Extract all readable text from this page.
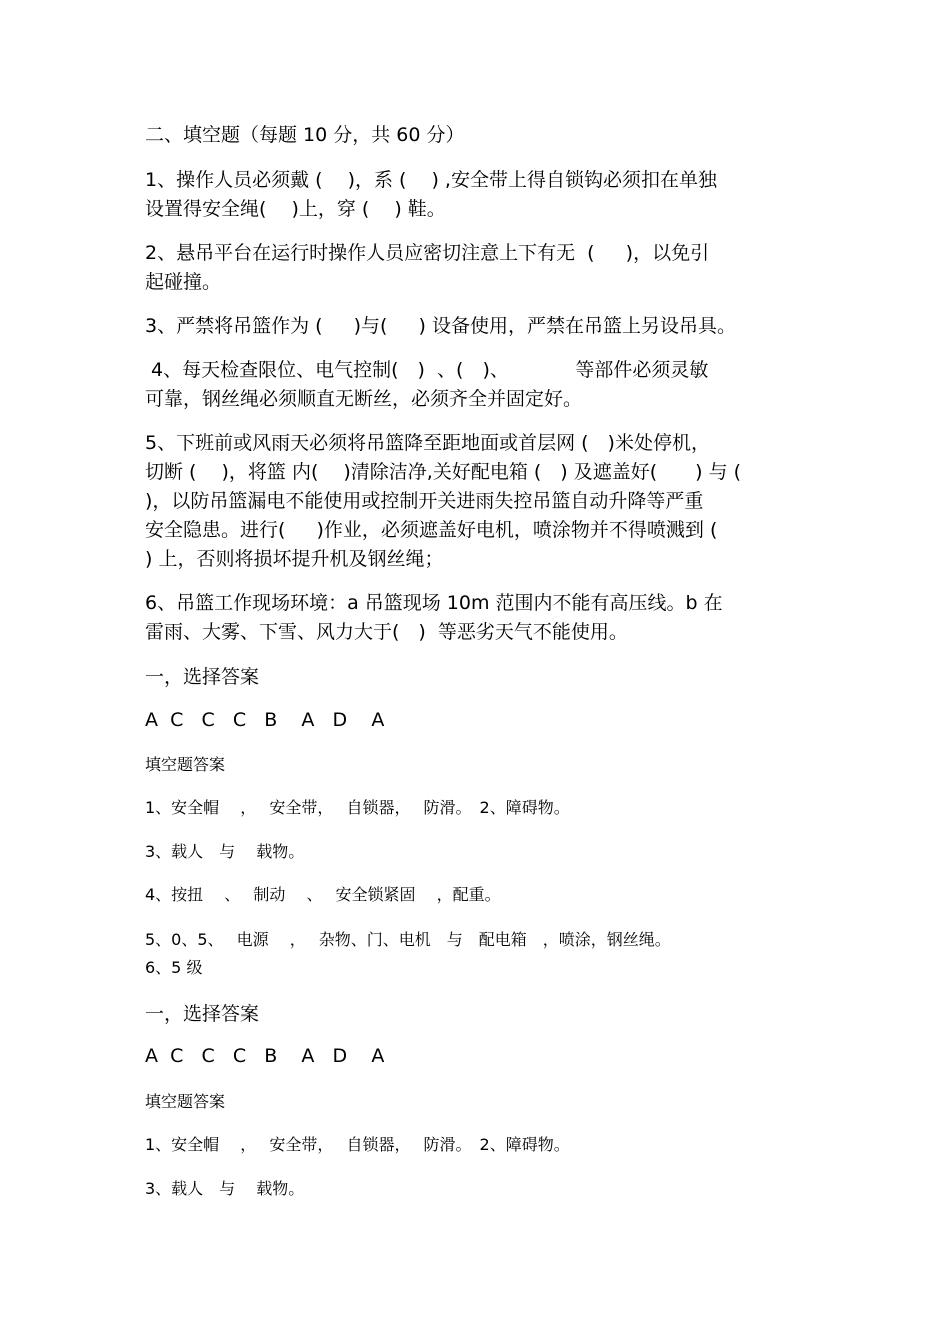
二、填空题（每题 10 分，共 60 分）
1、操作人员必须戴 (　 )，系 (　 ) ,安全带上得自锁钩必须扣在单独
设置得安全绳(　 )上，穿 (　 ) 鞋。
2、悬吊平台在运行时操作人员应密切注意上下有无  (　  )，以免引
起碰撞。
3、严禁将吊篮作为 (　  )与(　  ) 设备使用，严禁在吊篮上另设吊具。
4、每天检查限位、电气控制(　)  、(　)、　　　　等部件必须灵敏
可靠，钢丝绳必须顺直无断丝，必须齐全并固定好。
5、下班前或风雨天必须将吊篮降至距地面或首层网 (　)米处停机，
切断 (　 )，将篮 内(　 )清除洁净,关好配电箱 (　) 及遮盖好(　　) 与 (
)，以防吊篮漏电不能使用或控制开关进雨失控吊篮自动升降等严重
安全隐患。进行(　  )作业，必须遮盖好电机，喷涂物并不得喷溅到 (
) 上，否则将损坏提升机及钢丝绳；
6、吊篮工作现场环境：a 吊篮现场 10m 范围内不能有高压线。b 在
雷雨、大雾、下雪、风力大于(　)  等恶劣天气不能使用。
一，选择答案
A  C   C   C   B    A   D    A
填空题答案
1、安全帽　 ，　 安全带，　 自锁器，　 防滑。　2、障碍物。
3、载人　与　 载物。
4、按扭　 、　 制动　 、　 安全锁紧固　 ，配重。
5、0、5、　 电源　 ，　 杂物、门、电机　与　配电箱　，喷涂，钢丝绳。
6、5 级
一，选择答案
A  C   C   C   B    A   D    A
填空题答案
1、安全帽　 ，　 安全带，　 自锁器，　 防滑。　2、障碍物。
3、载人　与　 载物。
